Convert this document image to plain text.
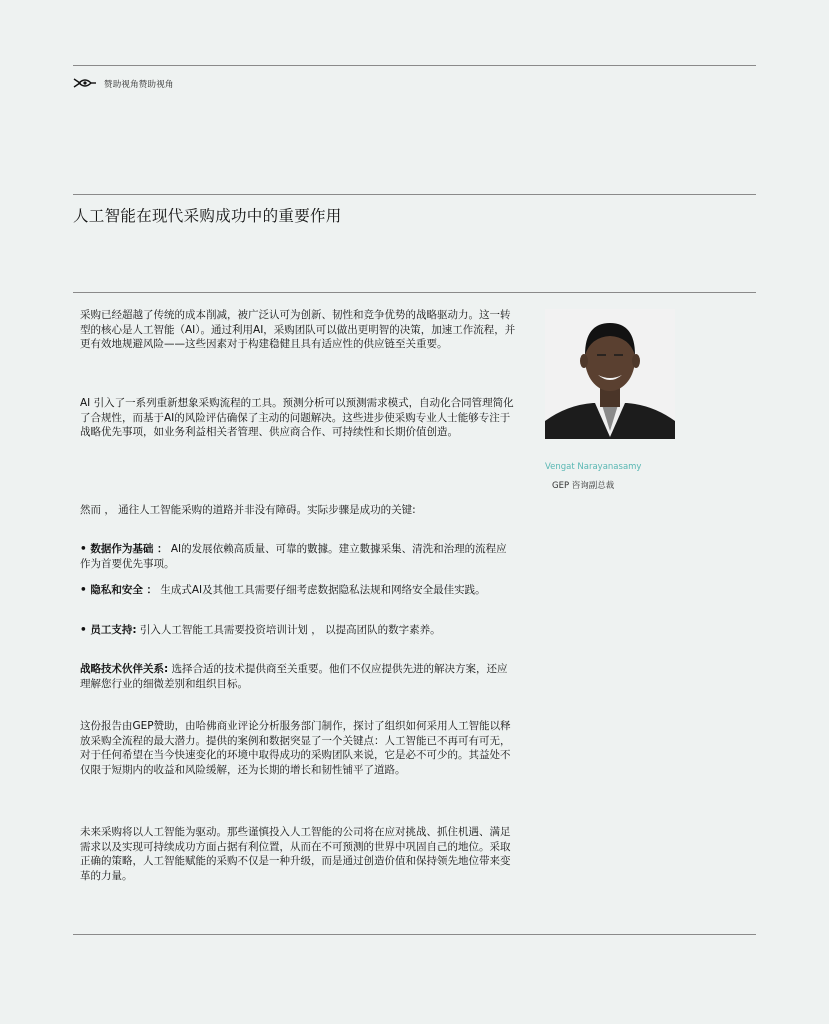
赞助视角赞助视角
人工智能在现代采购成功中的重要作用

采购已经超越了传统的成本削减，被广泛认可为创新、韧性和竞争优势的战略驱动力。这一转型的核心是人工智能（AI）。通过利用AI，采购团队可以做出更明智的决策，加速工作流程，并更有效地规避风险——这些因素对于构建稳健且具有适应性的供应链至关重要。

AI 引入了一系列重新想象采购流程的工具。预测分析可以预测需求模式，自动化合同管理简化了合规性，而基于AI的风险评估确保了主动的问题解决。这些进步使采购专业人士能够专注于战略优先事项，如业务利益相关者管理、供应商合作、可持续性和长期价值创造。

然而 ， 通往人工智能采购的道路并非没有障碍。实际步骤是成功的关键:

• 数据作为基础 ： AI的发展依赖高质量、可靠的數據。建立數據采集、清洗和治理的流程应作为首要优先事项。

• 隐私和安全 ： 生成式AI及其他工具需要仔细考虑数据隐私法规和网络安全最佳实践。

• 员工支持: 引入人工智能工具需要投资培训计划 ， 以提高团队的数字素养。

战略技术伙伴关系: 选择合适的技术提供商至关重要。他们不仅应提供先进的解决方案，还应理解您行业的细微差别和组织目标。

这份报告由GEP赞助，由哈佛商业评论分析服务部门制作，探讨了组织如何采用人工智能以释放采购全流程的最大潜力。提供的案例和数据突显了一个关键点：人工智能已不再可有可无，对于任何希望在当今快速变化的环境中取得成功的采购团队来说，它是必不可少的。其益处不仅限于短期内的收益和风险缓解，还为长期的增长和韧性铺平了道路。

未来采购将以人工智能为驱动。那些谨慎投入人工智能的公司将在应对挑战、抓住机遇、满足需求以及实现可持续成功方面占据有利位置，从而在不可预测的世界中巩固自己的地位。采取正确的策略，人工智能赋能的采购不仅是一种升级，而是通过创造价值和保持领先地位带来变革的力量。

Vengat Narayanasamy
GEP 咨询副总裁
